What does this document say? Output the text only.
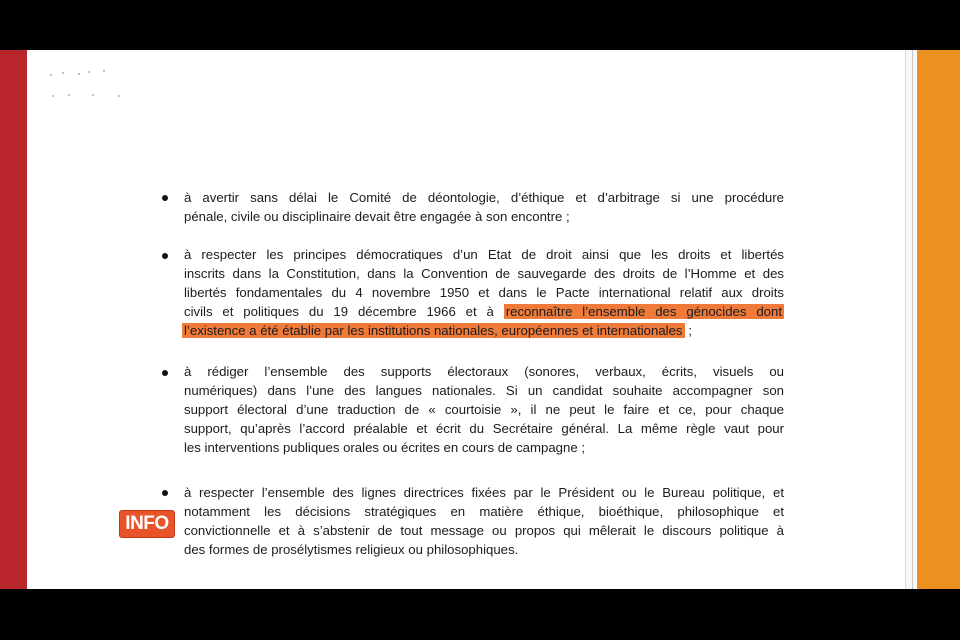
à avertir sans délai le Comité de déontologie, d’éthique et d’arbitrage si une procédure
pénale, civile ou disciplinaire devait être engagée à son encontre ;
à respecter les principes démocratiques d’un Etat de droit ainsi que les droits et libertés
inscrits dans la Constitution, dans la Convention de sauvegarde des droits de l’Homme et des
libertés fondamentales du 4 novembre 1950 et dans le Pacte international relatif aux droits
civils et politiques du 19 décembre 1966 et à reconnaître l’ensemble des génocides dont
l’existence a été établie par les institutions nationales, européennes et internationales ;
à rédiger l’ensemble des supports électoraux (sonores, verbaux, écrits, visuels ou
numériques) dans l’une des langues nationales. Si un candidat souhaite accompagner son
support électoral d’une traduction de « courtoisie », il ne peut le faire et ce, pour chaque
support, qu’après l’accord préalable et écrit du Secrétaire général. La même règle vaut pour
les interventions publiques orales ou écrites en cours de campagne ;
à respecter l’ensemble des lignes directrices fixées par le Président ou le Bureau politique, et
notamment les décisions stratégiques en matière éthique, bioéthique, philosophique et
convictionnelle et à s’abstenir de tout message ou propos qui mêlerait le discours politique à
des formes de prosélytismes religieux ou philosophiques.
INFO
